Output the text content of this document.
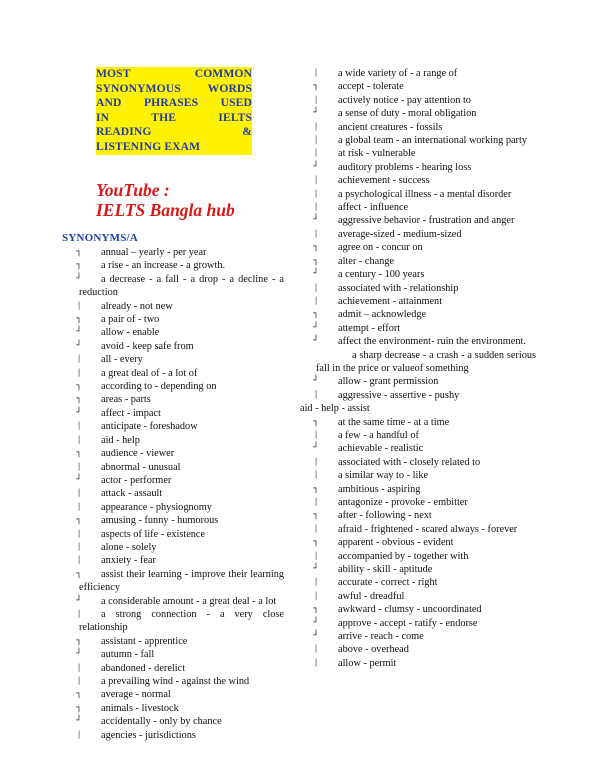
MOST COMMON
SYNONYMOUS WORDS
AND PHRASES USED
IN THE IELTS
READING &
LISTENING EXAM
YouTube :
IELTS Bangla hub
SYNONYMS/A
┐
annual – yearly - per year
┐
a rise - an increase - a growth.
┘
a decrease - a fall - a drop - a decline - a reduction
│
already - not new
┐
a pair of - two
┘
allow - enable
┘
avoid - keep safe from
│
all - every
│
a great deal of - a lot of
┐
according to - depending on
┐
areas - parts
┘
affect - impact
│
anticipate - foreshadow
│
aid - help
┐
audience - viewer
│
abnormal - unusual
┘
actor - performer
│
attack - assault
│
appearance - physiognomy
┐
amusing - funny - humorous
│
aspects of life - existence
│
alone - solely
│
anxiety - fear
┐
assist their learning - improve their learning efficiency
┘
a considerable amount - a great deal - a lot
│
a strong connection - a very close relationship
┐
assistant - apprentice
┘
autumn - fall
│
abandoned - derelict
│
a prevailing wind - against the wind
┐
average - normal
┐
animals - livestock
┘
accidentally - only by chance
│
agencies - jurisdictions
│
a wide variety of - a range of
┐
accept - tolerate
│
actively notice - pay attention to
┘
a sense of duty - moral obligation
│
ancient creatures - fossils
│
a global team - an international working party
│
at risk - vulnerable
┘
auditory problems - hearing loss
│
achievement - success
│
a psychological illness - a mental disorder
│
affect - influence
┘
aggressive behavior - frustration and anger
│
average-sized - medium-sized
┐
agree on - concur on
┐
alter - change
┘
a century - 100 years
│
associated with - relationship
│
achievement - attainment
┐
admit – acknowledge
┘
attempt - effort
┘
affect the environment- ruin the environment.
a sharp decrease - a crash - a sudden serious fall in the price or valueof something
┘
allow - grant permission
│
aggressive - assertive - pushy
aid - help - assist
┐
at the same time - at a time
│
a few - a handful of
┘
achievable - realistic
│
associated with - closely related to
│
a similar way to - like
┐
ambitious - aspiring
│
antagonize - provoke - embitter
┐
after - following - next
│
afraid - frightened - scared always - forever
┐
apparent - obvious - evident
│
accompanied by - together with
┘
ability - skill - aptitude
│
accurate - correct - right
│
awful - dreadful
┐
awkward - clumsy - uncoordinated
┘
approve - accept - ratify - endorse
┘
arrive - reach - come
│
above - overhead
│
allow - permit
